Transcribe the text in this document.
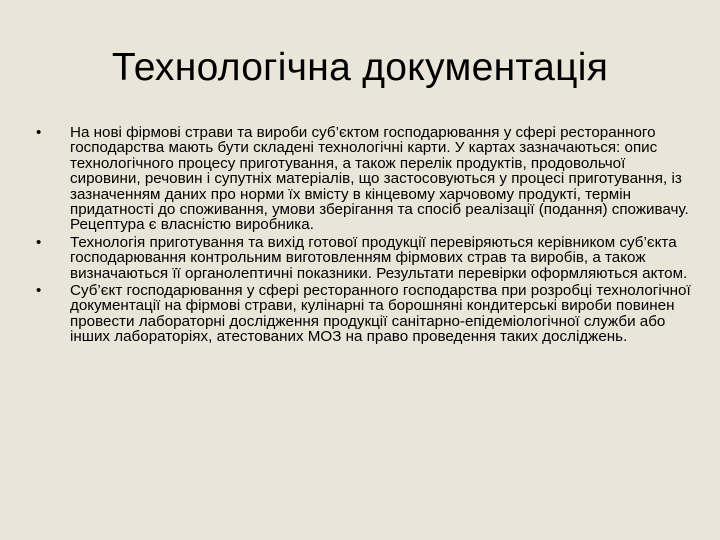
Технологічна документація
•	На нові фірмові страви та вироби суб’єктом господарювання у сфері ресторанного господарства мають бути складені технологічні карти. У картах зазначаються: опис технологічного процесу приготування, а також перелік продуктів, продовольчої сировини, речовин і супутніх матеріалів, що застосовуються у процесі приготування, із зазначенням даних про норми їх вмісту в кінцевому харчовому продукті, термін придатності до споживання, умови зберігання та спосіб реалізації (подання) споживачу. Рецептура є власністю виробника.
•	Технологія приготування та вихід готової продукції перевіряються керівником суб’єкта господарювання контрольним виготовленням фірмових страв та виробів, а також визначаються її органолептичні показники. Результати перевірки оформляються актом.
•	Суб’єкт господарювання у сфері ресторанного господарства при розробці технологічної документації на фірмові страви, кулінарні та борошняні кондитерські вироби повинен провести лабораторні дослідження продукції санітарно-епідеміологічної служби або інших лабораторіях, атестованих МОЗ на право проведення таких досліджень.
